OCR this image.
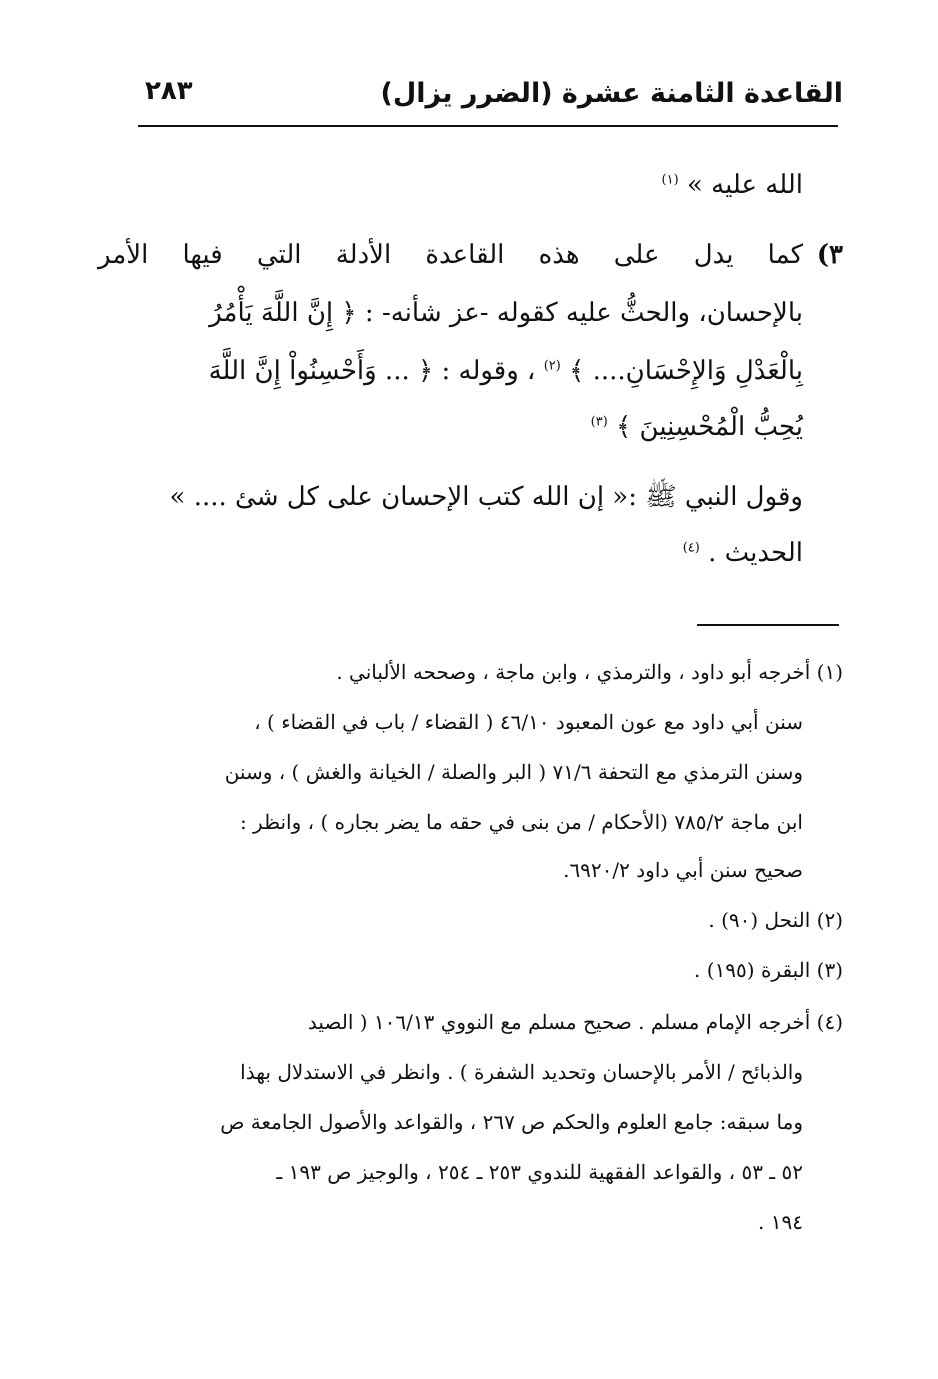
القاعدة الثامنة عشرة (الضرر يزال)
٢٨٣
الله عليه » $^{(١)}$
٣)
كما يدل على هذه القاعدة الأدلة التي فيها الأمر
بالإحسان، والحثُّ عليه كقوله -عز شأنه- : ﴿ إِنَّ اللَّهَ يَأْمُرُ
بِالْعَدْلِ وَالإِحْسَانِ.... ﴾ $^{(٢)}$ ، وقوله : ﴿ ... وَأَحْسِنُواْ إِنَّ اللَّهَ
يُحِبُّ الْمُحْسِنِينَ ﴾ $^{(٣)}$
وقول النبي ﷺ :« إن الله كتب الإحسان على كل شئ .... »
الحديث . $^{(٤)}$
(١) أخرجه أبو داود ، والترمذي ، وابن ماجة ، وصححه الألباني .
سنن أبي داود مع عون المعبود ٤٦/١٠ ( القضاء / باب في القضاء ) ،
وسنن الترمذي مع التحفة ٧١/٦ ( البر والصلة / الخيانة والغش ) ، وسنن
ابن ماجة ٧٨٥/٢ (الأحكام / من بنى في حقه ما يضر بجاره ) ، وانظر :
صحيح سنن أبي داود ٦٩٢٠/٢.
(٢) النحل (٩٠) .
(٣) البقرة (١٩٥) .
(٤) أخرجه الإمام مسلم . صحيح مسلم مع النووي ١٠٦/١٣ ( الصيد
والذبائح / الأمر بالإحسان وتحديد الشفرة ) . وانظر في الاستدلال بهذا
وما سبقه: جامع العلوم والحكم ص ٢٦٧ ، والقواعد والأصول الجامعة ص
٥٢ ـ ٥٣ ، والقواعد الفقهية للندوي ٢٥٣ ـ ٢٥٤ ، والوجيز ص ١٩٣ ـ
١٩٤ .
